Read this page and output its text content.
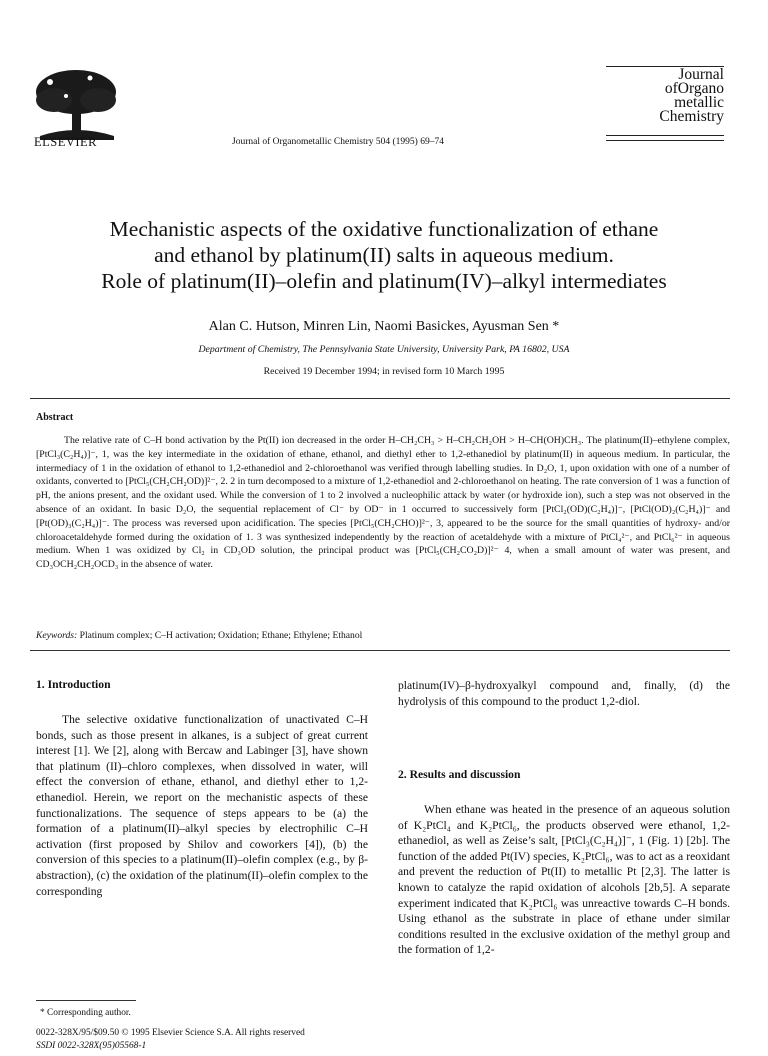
ELSEVIER	Journal of Organometallic Chemistry 504 (1995) 69–74
Journal
ofOrgano
metallic
Chemistry
Mechanistic aspects of the oxidative functionalization of ethane
and ethanol by platinum(II) salts in aqueous medium.
Role of platinum(II)–olefin and platinum(IV)–alkyl intermediates
Alan C. Hutson, Minren Lin, Naomi Basickes, Ayusman Sen *
Department of Chemistry, The Pennsylvania State University, University Park, PA 16802, USA
Received 19 December 1994; in revised form 10 March 1995
Abstract
The relative rate of C–H bond activation by the Pt(II) ion decreased in the order H–CH₂CH₃ > H–CH₂CH₂OH > H–CH(OH)CH₃. The platinum(II)–ethylene complex, [PtCl₃(C₂H₄)]⁻, 1, was the key intermediate in the oxidation of ethane, ethanol, and diethyl ether to 1,2-ethanediol by platinum(II) in aqueous medium. In particular, the intermediacy of 1 in the oxidation of ethanol to 1,2-ethanediol and 2-chloroethanol was verified through labelling studies. In D₂O, 1, upon oxidation with one of a number of oxidants, converted to [PtCl₅(CH₂CH₂OD)]²⁻, 2. 2 in turn decomposed to a mixture of 1,2-ethanediol and 2-chloroethanol on heating. The rate conversion of 1 was a function of pH, the anions present, and the oxidant used. While the conversion of 1 to 2 involved a nucleophilic attack by water (or hydroxide ion), such a step was not observed in the absence of an oxidant. In basic D₂O, the sequential replacement of Cl⁻ by OD⁻ in 1 occurred to successively form [PtCl₂(OD)(C₂H₄)]⁻, [PtCl(OD)₂(C₂H₄)]⁻ and [Pt(OD)₃(C₂H₄)]⁻. The process was reversed upon acidification. The species [PtCl₅(CH₂CHO)]²⁻, 3, appeared to be the source for the small quantities of hydroxy- and/or chloroacetaldehyde formed during the oxidation of 1. 3 was synthesized independently by the reaction of acetaldehyde with a mixture of PtCl₄²⁻, and PtCl₆²⁻ in aqueous medium. When 1 was oxidized by Cl₂ in CD₃OD solution, the principal product was [PtCl₅(CH₂CO₂D)]²⁻ 4, when a small amount of water was present, and CD₃OCH₂CH₂OCD₃ in the absence of water.
Keywords: Platinum complex; C–H activation; Oxidation; Ethane; Ethylene; Ethanol
1. Introduction
The selective oxidative functionalization of unactivated C–H bonds, such as those present in alkanes, is a subject of great current interest [1]. We [2], along with Bercaw and Labinger [3], have shown that platinum (II)–chloro complexes, when dissolved in water, will effect the conversion of ethane, ethanol, and diethyl ether to 1,2-ethanediol. Herein, we report on the mechanistic aspects of these functionalizations. The sequence of steps appears to be (a) the formation of a platinum(II)–alkyl species by electrophilic C–H activation (first proposed by Shilov and coworkers [4]), (b) the conversion of this species to a platinum(II)–olefin complex (e.g., by β-abstraction), (c) the oxidation of the platinum(II)–olefin complex to the corresponding
platinum(IV)–β-hydroxyalkyl compound and, finally, (d) the hydrolysis of this compound to the product 1,2-diol.
2. Results and discussion
When ethane was heated in the presence of an aqueous solution of K₂PtCl₄ and K₂PtCl₆, the products observed were ethanol, 1,2-ethanediol, as well as Zeise’s salt, [PtCl₃(C₂H₄)]⁻, 1 (Fig. 1) [2b]. The function of the added Pt(IV) species, K₂PtCl₆, was to act as a reoxidant and prevent the reduction of Pt(II) to metallic Pt [2,3]. The latter is known to catalyze the rapid oxidation of alcohols [2b,5]. A separate experiment indicated that K₂PtCl₆ was unreactive towards C–H bonds. Using ethanol as the substrate in place of ethane under similar conditions resulted in the exclusive oxidation of the methyl group and the formation of 1,2-
* Corresponding author.
0022-328X/95/$09.50 © 1995 Elsevier Science S.A. All rights reserved
SSDI 0022-328X(95)05568-1
